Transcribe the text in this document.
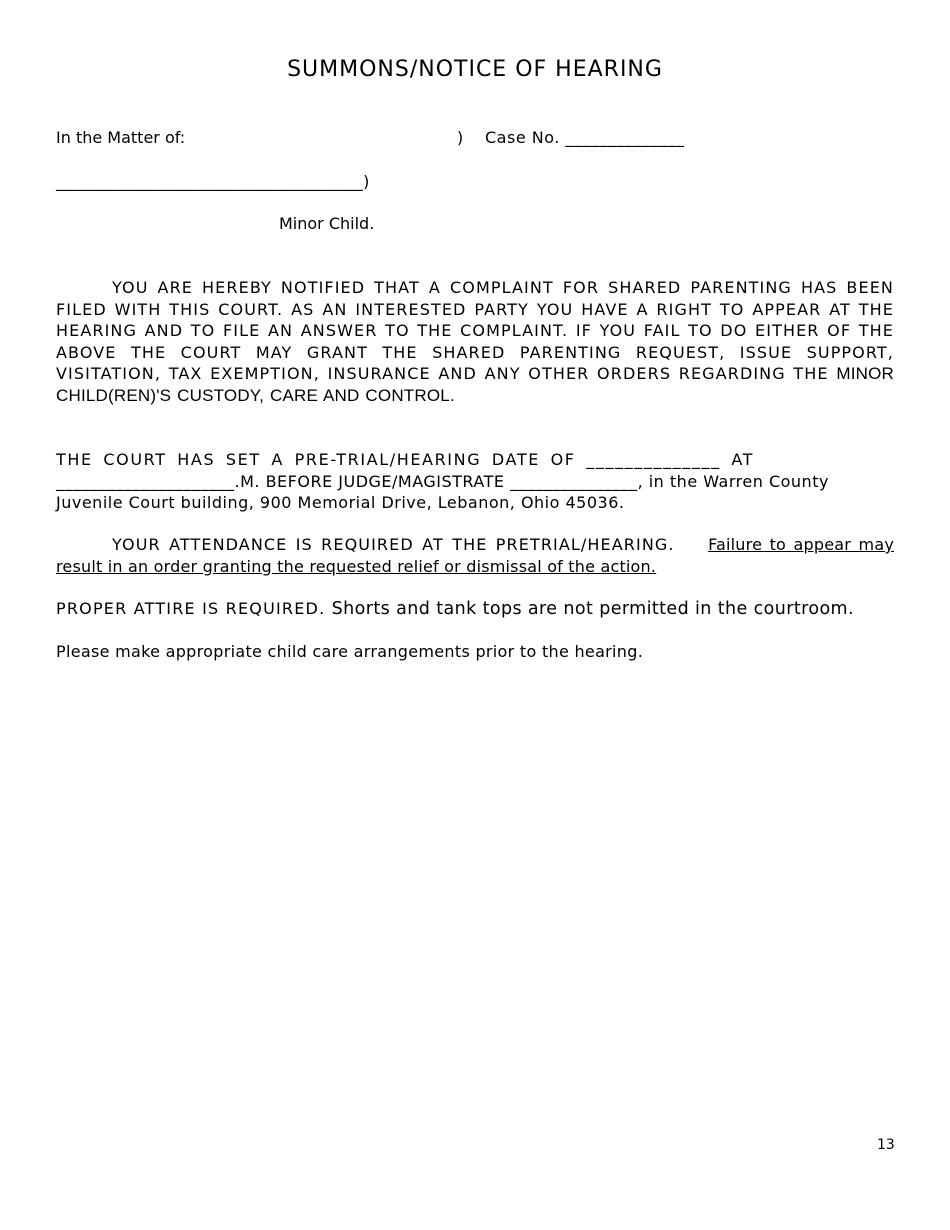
SUMMONS/NOTICE OF HEARING
In the Matter of:	) Case No. ______________
_____________________________________)
Minor Child.
YOU ARE HEREBY NOTIFIED THAT A COMPLAINT FOR SHARED PARENTING HAS BEEN FILED WITH THIS COURT. AS AN INTERESTED PARTY YOU HAVE A RIGHT TO APPEAR AT THE HEARING AND TO FILE AN ANSWER TO THE COMPLAINT. IF YOU FAIL TO DO EITHER OF THE ABOVE THE COURT MAY GRANT THE SHARED PARENTING REQUEST, ISSUE SUPPORT, VISITATION, TAX EXEMPTION, INSURANCE AND ANY OTHER ORDERS REGARDING THE MINOR CHILD(REN)'S CUSTODY, CARE AND CONTROL.
THE COURT HAS SET A PRE-TRIAL/HEARING DATE OF ______________ AT _____________________.M. BEFORE JUDGE/MAGISTRATE _______________, in the Warren County Juvenile Court building, 900 Memorial Drive, Lebanon, Ohio 45036.
YOUR ATTENDANCE IS REQUIRED AT THE PRETRIAL/HEARING. Failure to appear may result in an order granting the requested relief or dismissal of the action.
PROPER ATTIRE IS REQUIRED. Shorts and tank tops are not permitted in the courtroom.
Please make appropriate child care arrangements prior to the hearing.
13
